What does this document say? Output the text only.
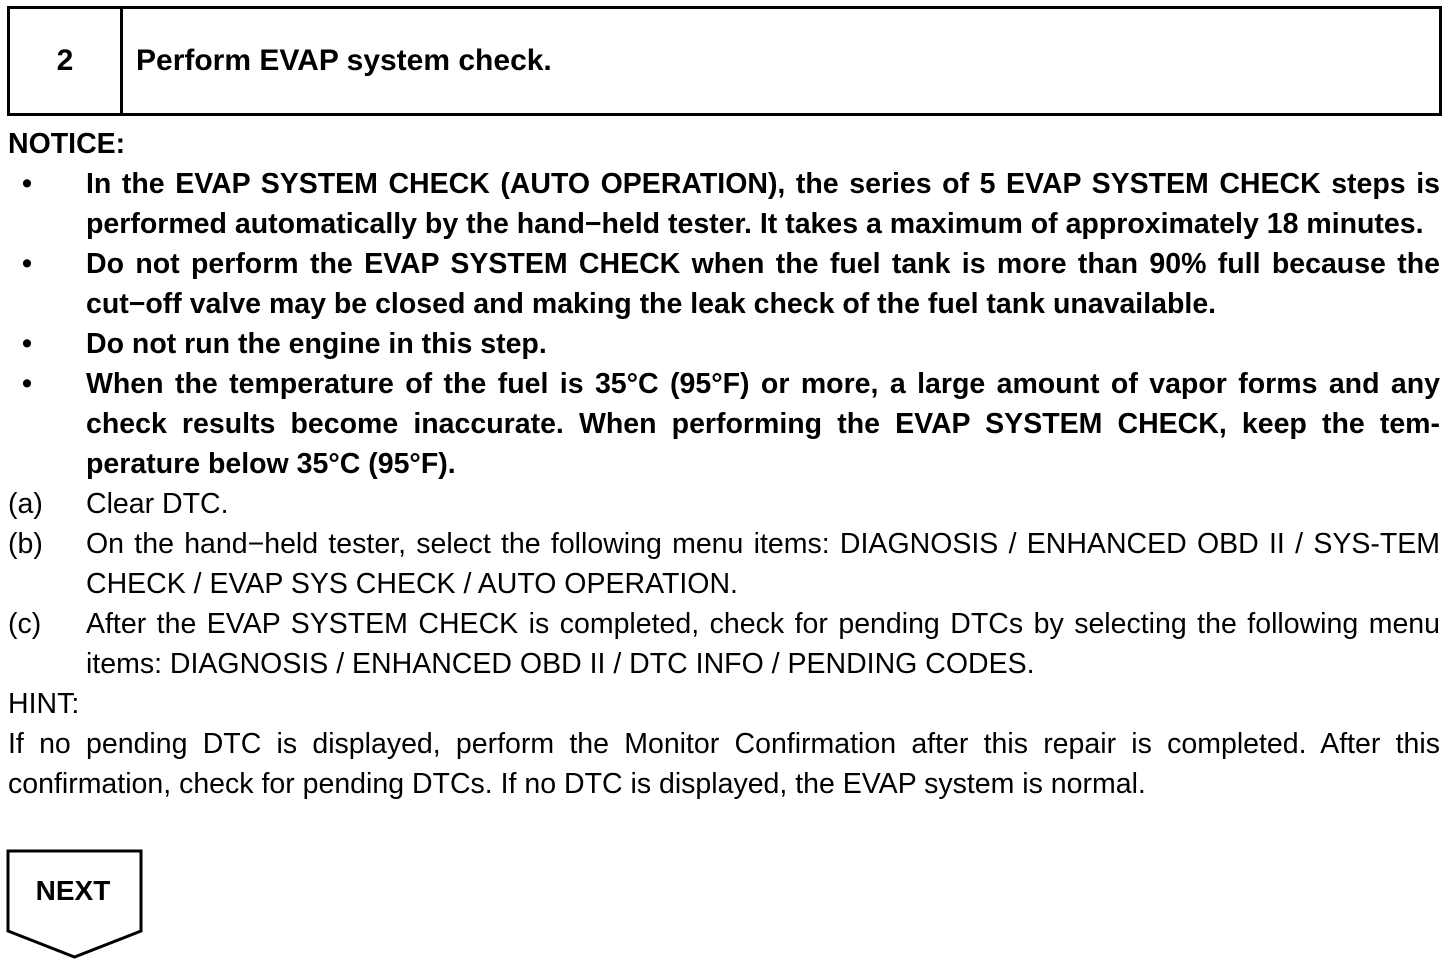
2	Perform EVAP system check.
NOTICE:
• In the EVAP SYSTEM CHECK (AUTO OPERATION), the series of 5 EVAP SYSTEM CHECK steps is performed automatically by the hand−held tester. It takes a maximum of approximately 18 minutes.
• Do not perform the EVAP SYSTEM CHECK when the fuel tank is more than 90% full because the cut−off valve may be closed and making the leak check of the fuel tank unavailable.
• Do not run the engine in this step.
• When the temperature of the fuel is 35°C (95°F) or more, a large amount of vapor forms and any check results become inaccurate. When performing the EVAP SYSTEM CHECK, keep the tem-perature below 35°C (95°F).
(a) Clear DTC.
(b) On the hand−held tester, select the following menu items: DIAGNOSIS / ENHANCED OBD II / SYS-TEM CHECK / EVAP SYS CHECK / AUTO OPERATION.
(c) After the EVAP SYSTEM CHECK is completed, check for pending DTCs by selecting the following menu items: DIAGNOSIS / ENHANCED OBD II / DTC INFO / PENDING CODES.
HINT:
If no pending DTC is displayed, perform the Monitor Confirmation after this repair is completed. After this confirmation, check for pending DTCs. If no DTC is displayed, the EVAP system is normal.
NEXT
